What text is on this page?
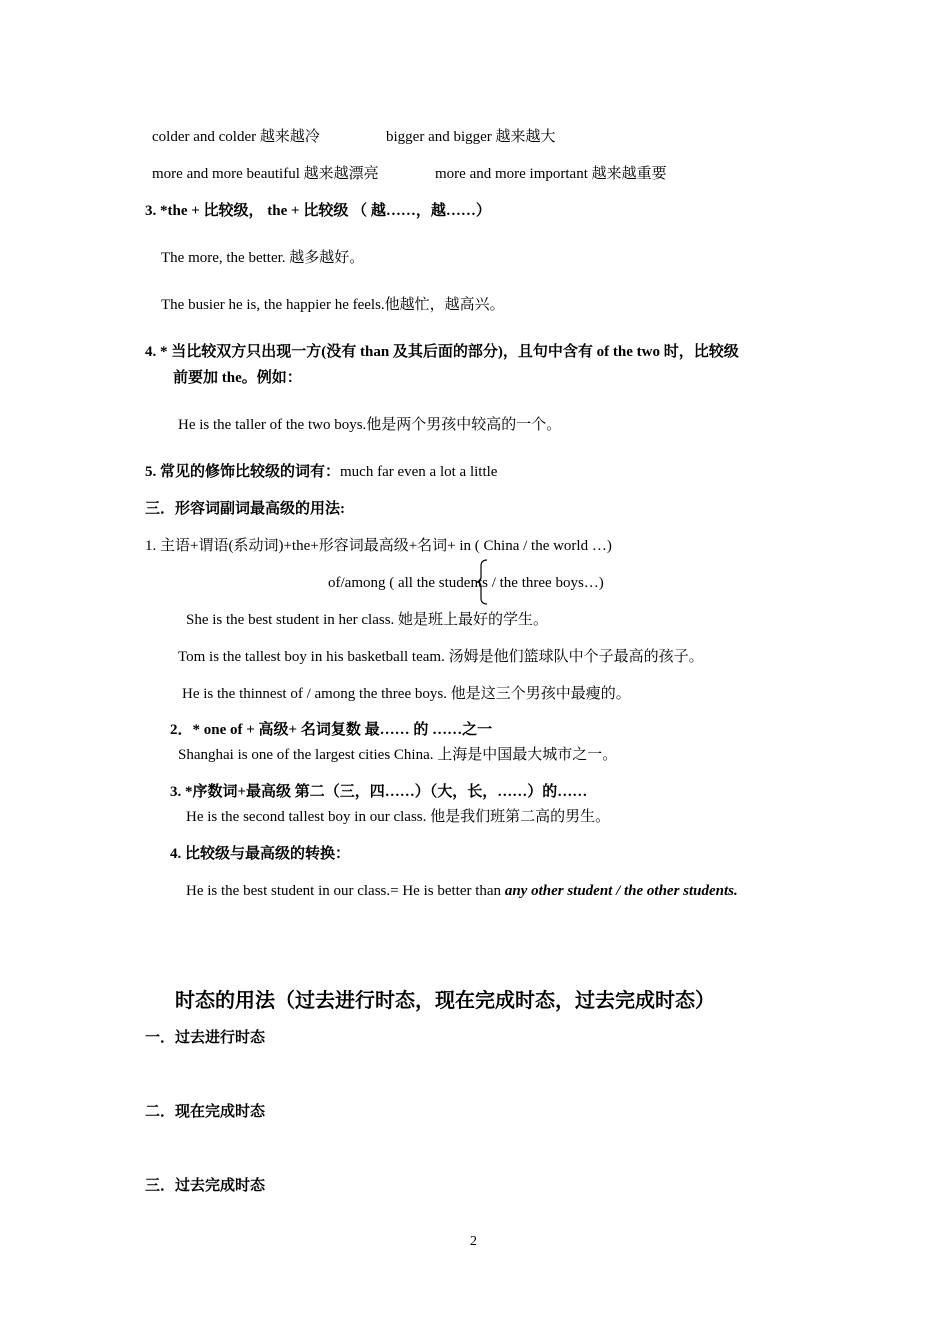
colder and colder 越来越冷	bigger and bigger 越来越大
more and more beautiful 越来越漂亮	more and more important 越来越重要
3. *the + 比较级， the + 比较级 （ 越……，越……）
The more, the better. 越多越好。
The busier he is, the happier he feels.他越忙，越高兴。
4. * 当比较双方只出现一方(没有 than 及其后面的部分)，且句中含有 of the two 时，比较级
前要加 the。例如：
He is the taller of the two boys.他是两个男孩中较高的一个。
5. 常见的修饰比较级的词有：much far even a lot a little
三．形容词副词最高级的用法:
1. 主语+谓语(系动词)+the+形容词最高级+名词+ in ( China / the world …)
of/among ( all the students / the three boys…)
She is the best student in her class. 她是班上最好的学生。
Tom is the tallest boy in his basketball team. 汤姆是他们篮球队中个子最高的孩子。
He is the thinnest of / among the three boys. 他是这三个男孩中最瘦的。
2．* one of + 高级+ 名词复数 最…… 的 ……之一
Shanghai is one of the largest cities China. 上海是中国最大城市之一。
3. *序数词+最高级 第二（三，四……）（大，长，……）的……
He is the second tallest boy in our class. 他是我们班第二高的男生。
4. 比较级与最高级的转换：
He is the best student in our class.= He is better than any other student / the other students.
时态的用法（过去进行时态，现在完成时态，过去完成时态）
一．过去进行时态
二．现在完成时态
三．过去完成时态
2
